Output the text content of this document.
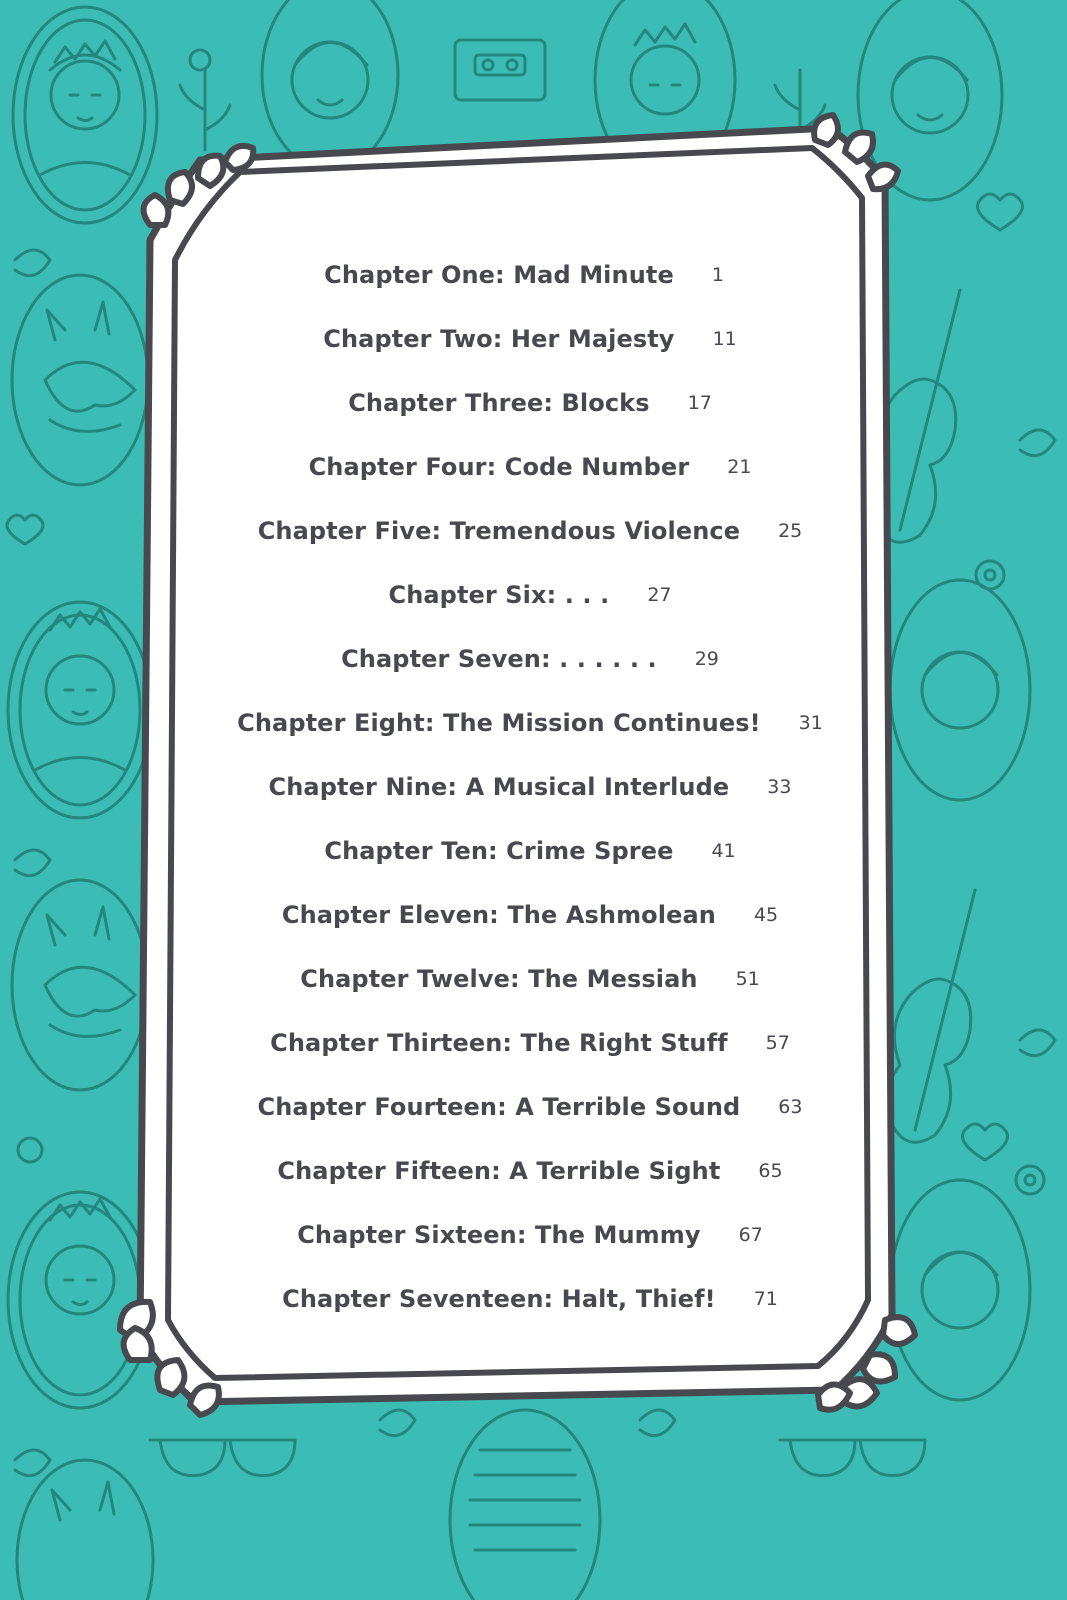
Chapter One: Mad Minute 1
Chapter Two: Her Majesty 11
Chapter Three: Blocks 17
Chapter Four: Code Number 21
Chapter Five: Tremendous Violence 25
Chapter Six: . . . 27
Chapter Seven: . . . . . . 29
Chapter Eight: The Mission Continues! 31
Chapter Nine: A Musical Interlude 33
Chapter Ten: Crime Spree 41
Chapter Eleven: The Ashmolean 45
Chapter Twelve: The Messiah 51
Chapter Thirteen: The Right Stuff 57
Chapter Fourteen: A Terrible Sound 63
Chapter Fifteen: A Terrible Sight 65
Chapter Sixteen: The Mummy 67
Chapter Seventeen: Halt, Thief! 71
